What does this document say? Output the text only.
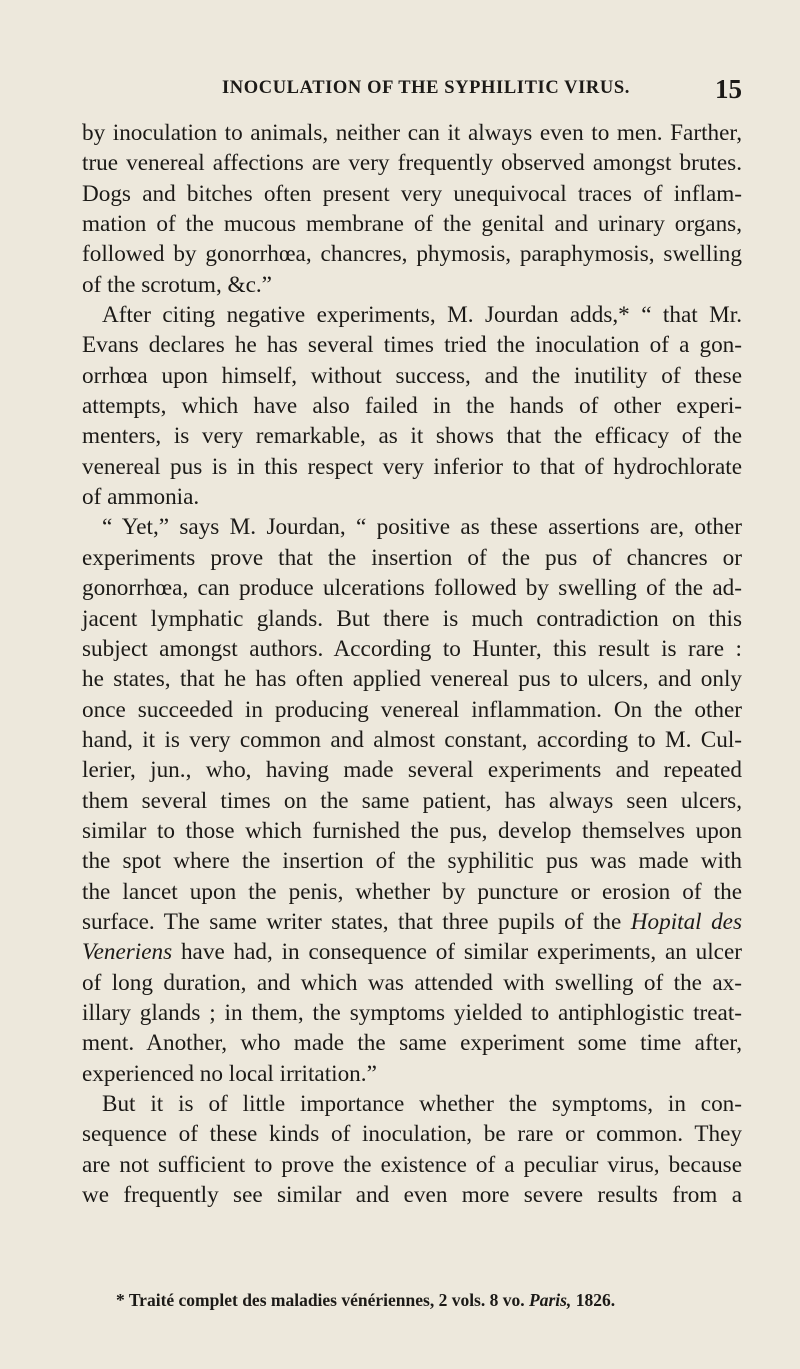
INOCULATION OF THE SYPHILITIC VIRUS.	15
by inoculation to animals, neither can it always even to men. Farther,
true venereal affections are very frequently observed amongst brutes.
Dogs and bitches often present very unequivocal traces of inflam-
mation of the mucous membrane of the genital and urinary organs,
followed by gonorrhœa, chancres, phymosis, paraphymosis, swelling
of the scrotum, &c.”
After citing negative experiments, M. Jourdan adds,* “ that Mr.
Evans declares he has several times tried the inoculation of a gon-
orrhœa upon himself, without success, and the inutility of these
attempts, which have also failed in the hands of other experi-
menters, is very remarkable, as it shows that the efficacy of the
venereal pus is in this respect very inferior to that of hydrochlorate
of ammonia.
“ Yet,” says M. Jourdan, “ positive as these assertions are, other
experiments prove that the insertion of the pus of chancres or
gonorrhœa, can produce ulcerations followed by swelling of the ad-
jacent lymphatic glands. But there is much contradiction on this
subject amongst authors. According to Hunter, this result is rare :
he states, that he has often applied venereal pus to ulcers, and only
once succeeded in producing venereal inflammation. On the other
hand, it is very common and almost constant, according to M. Cul-
lerier, jun., who, having made several experiments and repeated
them several times on the same patient, has always seen ulcers,
similar to those which furnished the pus, develop themselves upon
the spot where the insertion of the syphilitic pus was made with
the lancet upon the penis, whether by puncture or erosion of the
surface. The same writer states, that three pupils of the Hopital des
Veneriens have had, in consequence of similar experiments, an ulcer
of long duration, and which was attended with swelling of the ax-
illary glands ; in them, the symptoms yielded to antiphlogistic treat-
ment. Another, who made the same experiment some time after,
experienced no local irritation.”
But it is of little importance whether the symptoms, in con-
sequence of these kinds of inoculation, be rare or common. They
are not sufficient to prove the existence of a peculiar virus, because
we frequently see similar and even more severe results from a
* Traité complet des maladies vénériennes, 2 vols. 8 vo. Paris, 1826.
